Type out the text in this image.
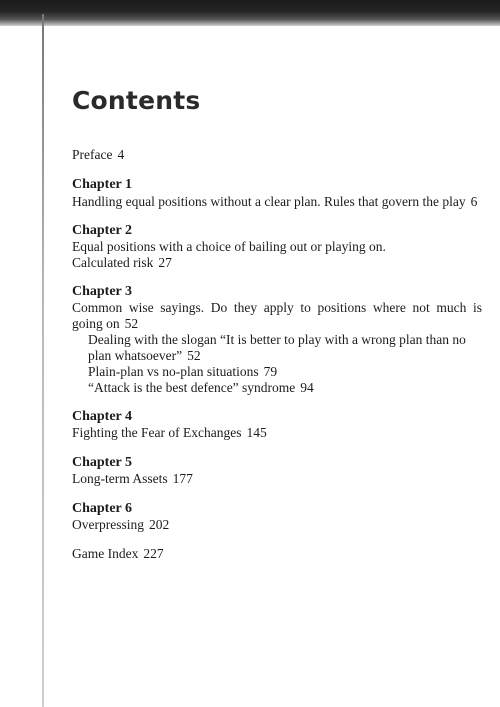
Contents
Preface 4
Chapter 1
Handling equal positions without a clear plan. Rules that govern the play 6
Chapter 2
Equal positions with a choice of bailing out or playing on.
Calculated risk 27
Chapter 3
Common wise sayings. Do they apply to positions where not much is
going on 52
Dealing with the slogan “It is better to play with a wrong plan than no
plan whatsoever” 52
Plain-plan vs no-plan situations 79
“Attack is the best defence” syndrome 94
Chapter 4
Fighting the Fear of Exchanges 145
Chapter 5
Long-term Assets 177
Chapter 6
Overpressing 202
Game Index 227
